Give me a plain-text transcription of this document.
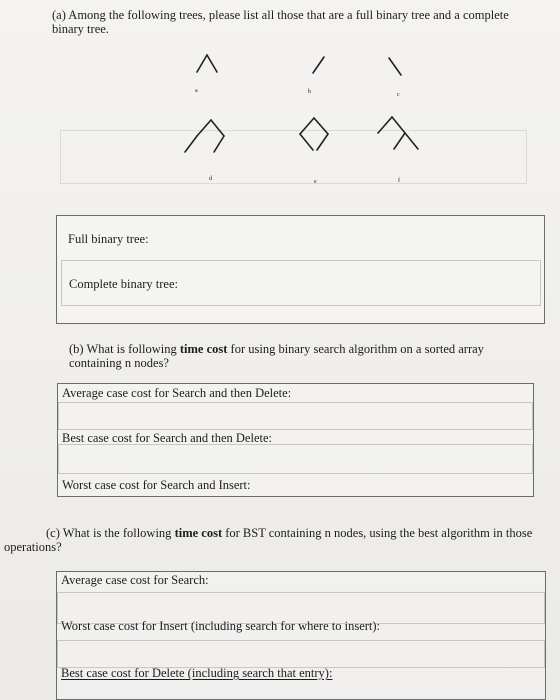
(a) Among the following trees, please list all those that are a full binary tree and a complete binary tree.
a	b	c
d	e	f
Full binary tree:
Complete binary tree:
(b) What is following time cost for using binary search algorithm on a sorted array containing n nodes?
Average case cost for Search and then Delete:
Best case cost for Search and then Delete:
Worst case cost for Search and Insert:
(c) What is the following time cost for BST containing n nodes, using the best algorithm in those operations?
Average case cost for Search:
Worst case cost for Insert (including search for where to insert):
Best case cost for Delete (including search that entry):
